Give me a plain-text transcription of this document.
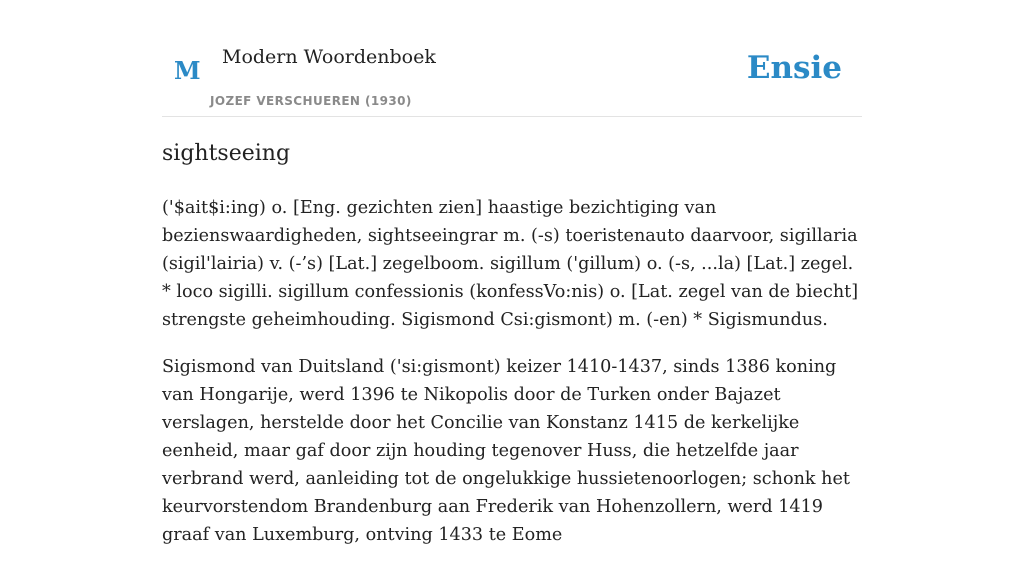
M Modern Woordenboek
JOZEF VERSCHUEREN (1930)
Ensie
sightseeing

('$ait$i:ing) o. [Eng. gezichten zien] haastige bezichtiging van bezienswaardigheden, sightseeingrar m. (-s) toeristenauto daarvoor, sigillaria (sigil'lairia) v. (-’s) [Lat.] zegelboom. sigillum ('gillum) o. (-s, ...la) [Lat.] zegel. * loco sigilli. sigillum confessionis (konfessVo:nis) o. [Lat. zegel van de biecht] strengste geheimhouding. Sigismond Csi:gismont) m. (-en) * Sigismundus.

Sigismond van Duitsland ('si:gismont) keizer 1410-1437, sinds 1386 koning van Hongarije, werd 1396 te Nikopolis door de Turken onder Bajazet verslagen, herstelde door het Concilie van Konstanz 1415 de kerkelijke eenheid, maar gaf door zijn houding tegenover Huss, die hetzelfde jaar verbrand werd, aanleiding tot de ongelukkige hussietenoorlogen; schonk het keurvorstendom Brandenburg aan Frederik van Hohenzollern, werd 1419 graaf van Luxemburg, ontving 1433 te Eome
